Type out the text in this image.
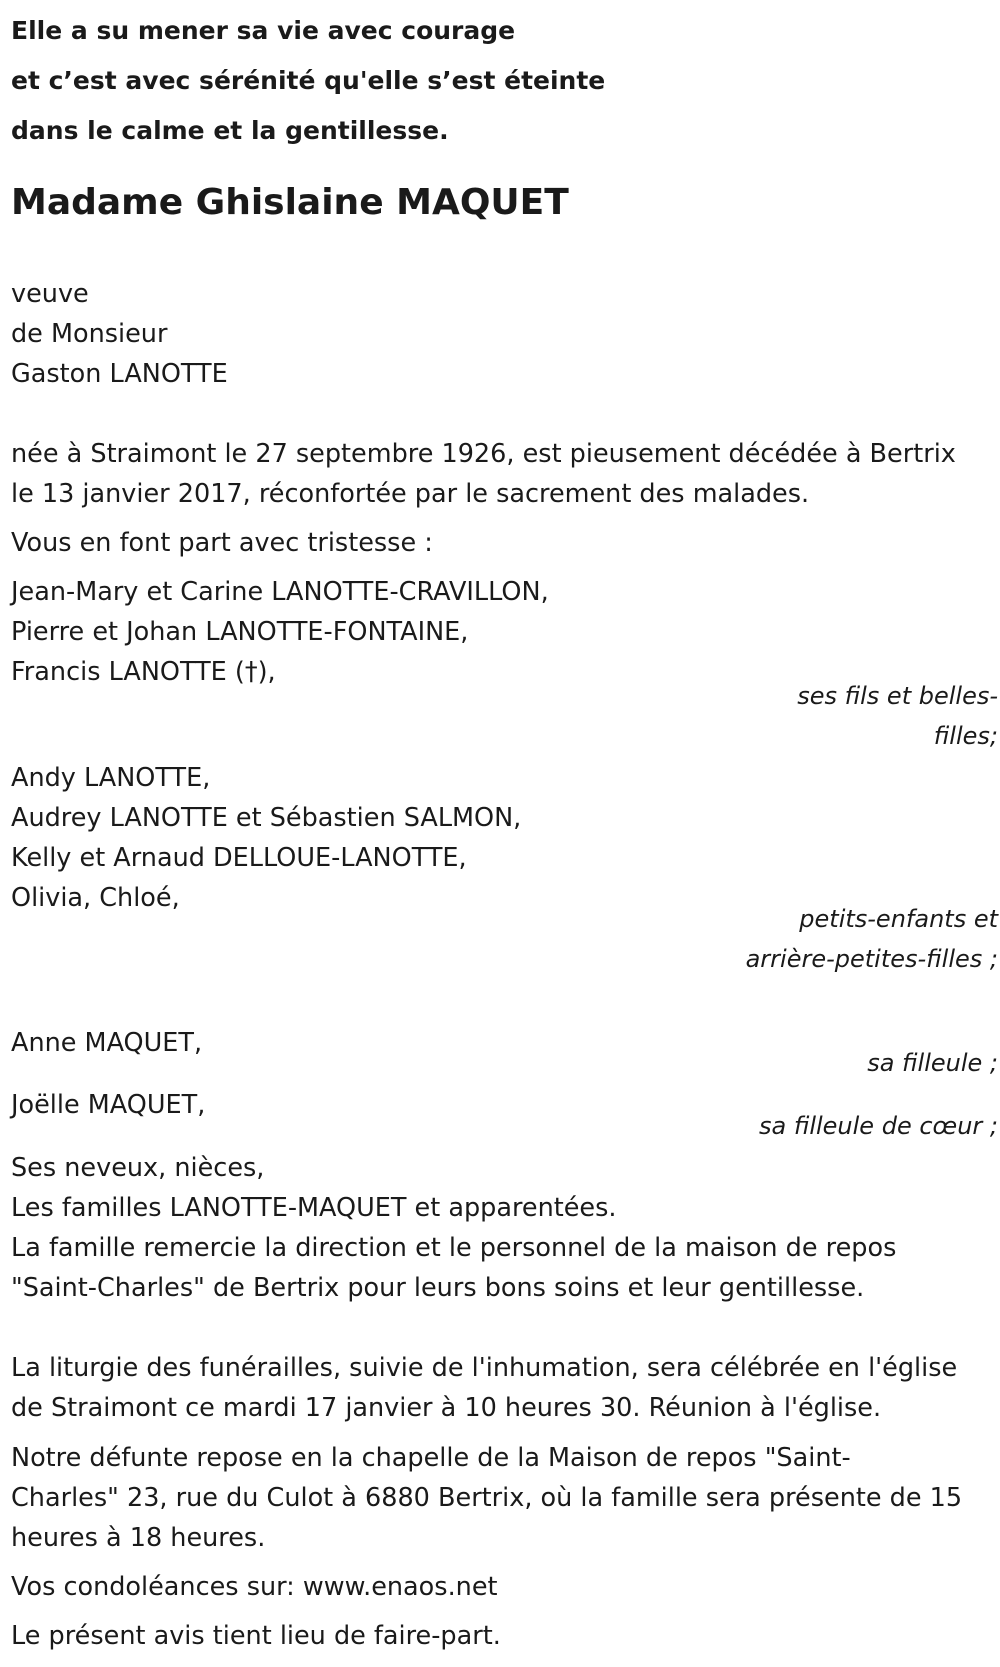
Elle a su mener sa vie avec courage
et c’est avec sérénité qu'elle s’est éteinte
dans le calme et la gentillesse.
Madame Ghislaine MAQUET
veuve
de Monsieur
Gaston LANOTTE
née à Straimont le 27 septembre 1926, est pieusement décédée à Bertrix
le 13 janvier 2017, réconfortée par le sacrement des malades.
Vous en font part avec tristesse :
Jean-Mary et Carine LANOTTE-CRAVILLON,
Pierre et Johan LANOTTE-FONTAINE,
Francis LANOTTE (†),
ses fils et belles-filles;
Andy LANOTTE,
Audrey LANOTTE et Sébastien SALMON,
Kelly et Arnaud DELLOUE-LANOTTE,
Olivia, Chloé,
petits-enfants et arrière-petites-filles ;
Anne MAQUET,
sa filleule ;
Joëlle MAQUET,
sa filleule de cœur ;
Ses neveux, nièces,
Les familles LANOTTE-MAQUET et apparentées.
La famille remercie la direction et le personnel de la maison de repos
"Saint-Charles" de Bertrix pour leurs bons soins et leur gentillesse.
La liturgie des funérailles, suivie de l'inhumation, sera célébrée en l'église
de Straimont ce mardi 17 janvier à 10 heures 30. Réunion à l'église.
Notre défunte repose en la chapelle de la Maison de repos "Saint-
Charles" 23, rue du Culot à 6880 Bertrix, où la famille sera présente de 15
heures à 18 heures.
Vos condoléances sur: www.enaos.net
Le présent avis tient lieu de faire-part.
